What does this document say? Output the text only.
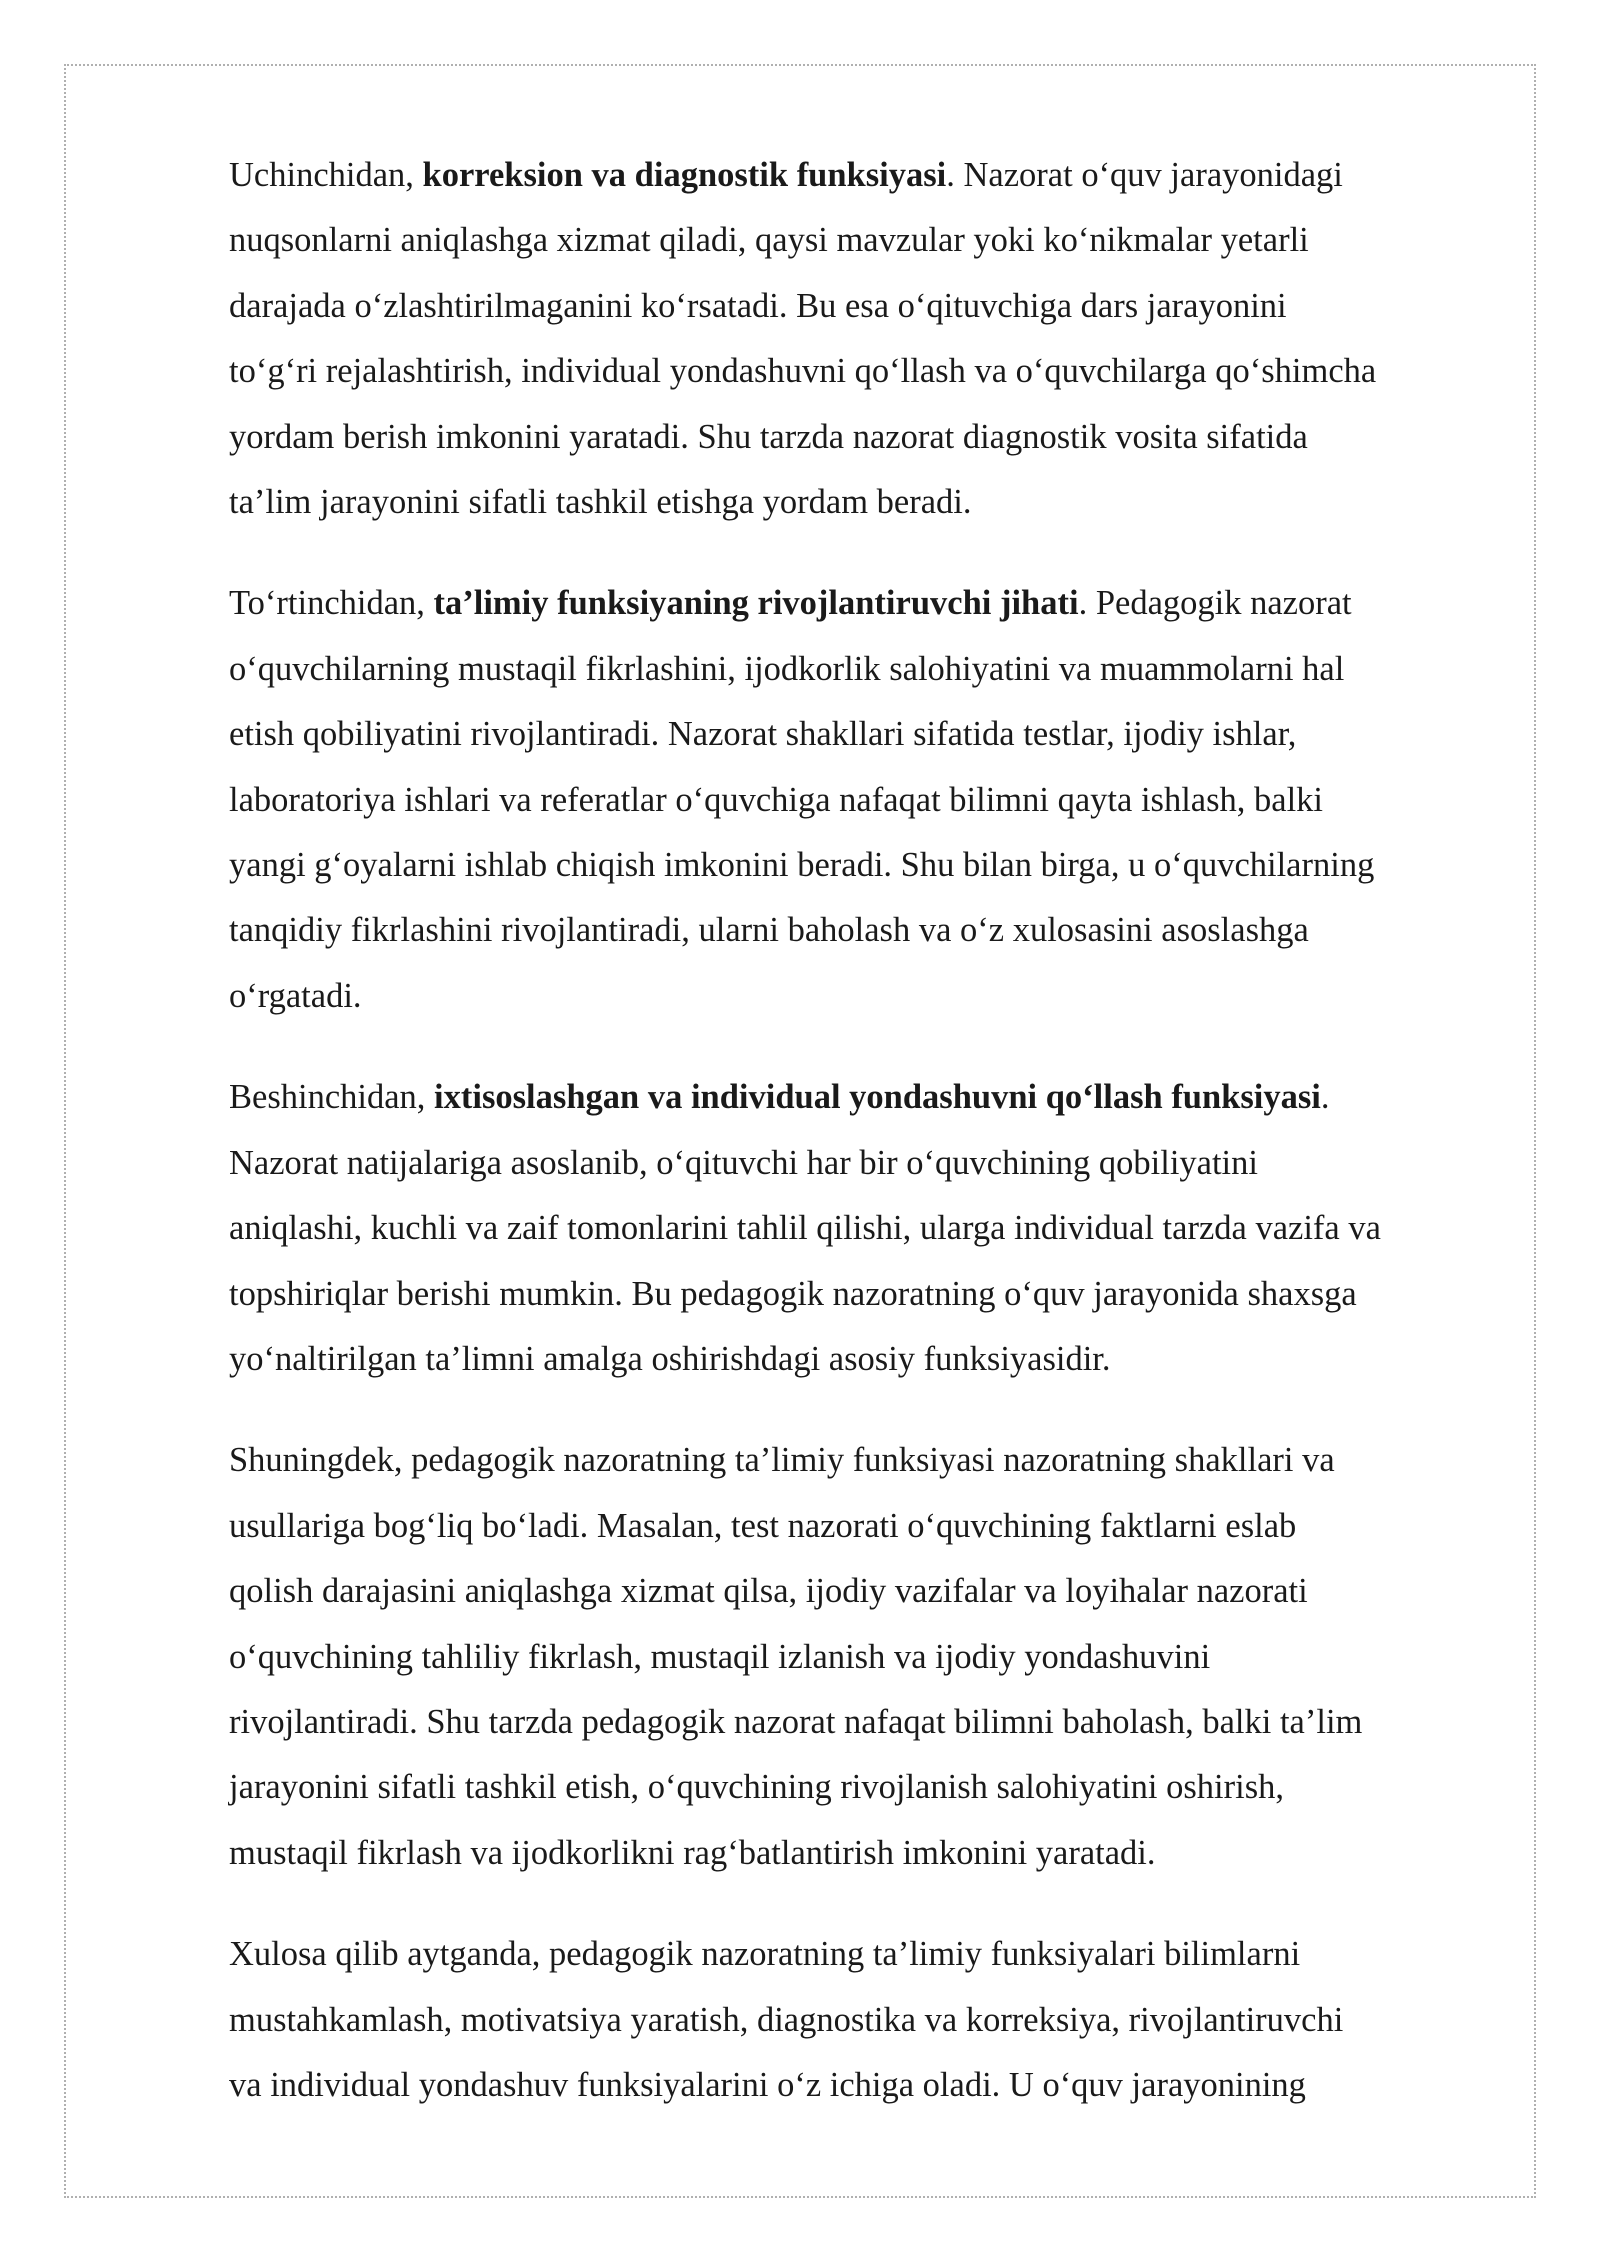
Uchinchidan, korreksion va diagnostik funksiyasi. Nazorat o‘quv jarayonidagi
nuqsonlarni aniqlashga xizmat qiladi, qaysi mavzular yoki ko‘nikmalar yetarli
darajada o‘zlashtirilmaganini ko‘rsatadi. Bu esa o‘qituvchiga dars jarayonini
to‘g‘ri rejalashtirish, individual yondashuvni qo‘llash va o‘quvchilarga qo‘shimcha
yordam berish imkonini yaratadi. Shu tarzda nazorat diagnostik vosita sifatida
ta’lim jarayonini sifatli tashkil etishga yordam beradi.

To‘rtinchidan, ta’limiy funksiyaning rivojlantiruvchi jihati. Pedagogik nazorat
o‘quvchilarning mustaqil fikrlashini, ijodkorlik salohiyatini va muammolarni hal
etish qobiliyatini rivojlantiradi. Nazorat shakllari sifatida testlar, ijodiy ishlar,
laboratoriya ishlari va referatlar o‘quvchiga nafaqat bilimni qayta ishlash, balki
yangi g‘oyalarni ishlab chiqish imkonini beradi. Shu bilan birga, u o‘quvchilarning
tanqidiy fikrlashini rivojlantiradi, ularni baholash va o‘z xulosasini asoslashga
o‘rgatadi.

Beshinchidan, ixtisoslashgan va individual yondashuvni qo‘llash funksiyasi.
Nazorat natijalariga asoslanib, o‘qituvchi har bir o‘quvchining qobiliyatini
aniqlashi, kuchli va zaif tomonlarini tahlil qilishi, ularga individual tarzda vazifa va
topshiriqlar berishi mumkin. Bu pedagogik nazoratning o‘quv jarayonida shaxsga
yo‘naltirilgan ta’limni amalga oshirishdagi asosiy funksiyasidir.

Shuningdek, pedagogik nazoratning ta’limiy funksiyasi nazoratning shakllari va
usullariga bog‘liq bo‘ladi. Masalan, test nazorati o‘quvchining faktlarni eslab
qolish darajasini aniqlashga xizmat qilsa, ijodiy vazifalar va loyihalar nazorati
o‘quvchining tahliliy fikrlash, mustaqil izlanish va ijodiy yondashuvini
rivojlantiradi. Shu tarzda pedagogik nazorat nafaqat bilimni baholash, balki ta’lim
jarayonini sifatli tashkil etish, o‘quvchining rivojlanish salohiyatini oshirish,
mustaqil fikrlash va ijodkorlikni rag‘batlantirish imkonini yaratadi.

Xulosa qilib aytganda, pedagogik nazoratning ta’limiy funksiyalari bilimlarni
mustahkamlash, motivatsiya yaratish, diagnostika va korreksiya, rivojlantiruvchi
va individual yondashuv funksiyalarini o‘z ichiga oladi. U o‘quv jarayonining
